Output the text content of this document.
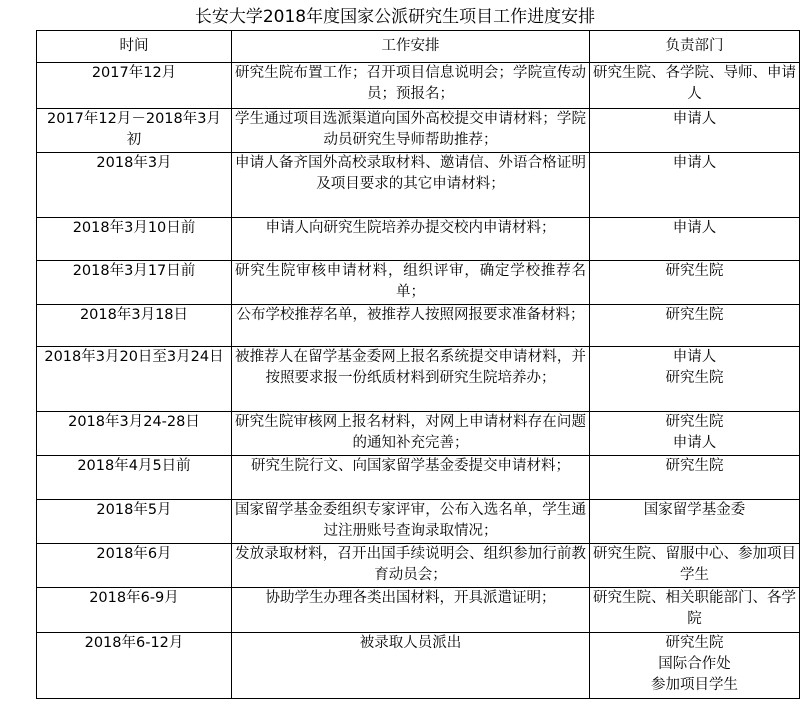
长安大学2018年度国家公派研究生项目工作进度安排
时间	工作安排	负责部门
2017年12月	研究生院布置工作；召开项目信息说明会；学院宣传动员；预报名；	研究生院、各学院、导师、申请人
2017年12月－2018年3月初	学生通过项目选派渠道向国外高校提交申请材料；学院动员研究生导师帮助推荐；	申请人
2018年3月	申请人备齐国外高校录取材料、邀请信、外语合格证明及项目要求的其它申请材料；	申请人
2018年3月10日前	申请人向研究生院培养办提交校内申请材料；	申请人
2018年3月17日前	研究生院审核申请材料，组织评审，确定学校推荐名单；	研究生院
2018年3月18日	公布学校推荐名单，被推荐人按照网报要求准备材料；	研究生院
2018年3月20日至3月24日	被推荐人在留学基金委网上报名系统提交申请材料，并按照要求报一份纸质材料到研究生院培养办；	申请人
研究生院
2018年3月24-28日	研究生院审核网上报名材料，对网上申请材料存在问题的通知补充完善；	研究生院
申请人
2018年4月5日前	研究生院行文、向国家留学基金委提交申请材料；	研究生院
2018年5月	国家留学基金委组织专家评审，公布入选名单，学生通过注册账号查询录取情况；	国家留学基金委
2018年6月	发放录取材料，召开出国手续说明会、组织参加行前教育动员会；	研究生院、留服中心、参加项目学生
2018年6-9月	协助学生办理各类出国材料，开具派遣证明；	研究生院、相关职能部门、各学院
2018年6-12月	被录取人员派出	研究生院
国际合作处
参加项目学生
